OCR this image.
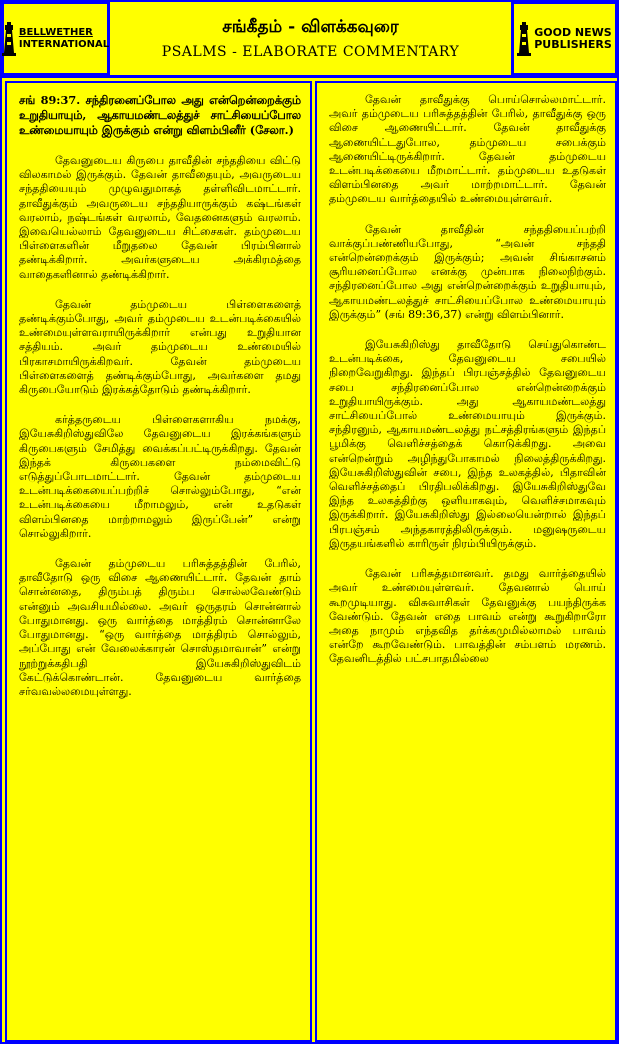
BELLWETHER
INTERNATIONAL
சங்கீதம் - விளக்கவுரை
PSALMS - ELABORATE COMMENTARY
GOOD NEWS
PUBLISHERS

சங் 89:37. சந்திரனைப்போல அது என்றென்றைக்கும் உறுதியாயும், ஆகாயமண்டலத்துச் சாட்சியைப்போல உண்மையாயும் இருக்கும் என்று விளம்பினீர் (சேலா.)

தேவனுடைய கிருபை தாவீதின் சந்ததியை விட்டு விலகாமல் இருக்கும். தேவன் தாவீதையும், அவருடைய சந்ததியையும் முழுவதுமாகத் தள்ளிவிடமாட்டார். தாவீதுக்கும் அவருடைய சந்ததியாருக்கும் கஷ்டங்கள் வரலாம், நஷ்டங்கள் வரலாம், வேதனைகளும் வரலாம். இவையெல்லாம் தேவனுடைய சிட்சைகள். தம்முடைய பிள்ளைகளின் மீறுதலை தேவன் பிரம்பினால் தண்டிக்கிறார். அவர்களுடைய அக்கிரமத்தை வாதைகளினால் தண்டிக்கிறார்.

தேவன் தம்முடைய பிள்ளைகளைத் தண்டிக்கும்போது, அவர் தம்முடைய உடன்படிக்கையில் உண்மையுள்ளவராயிருக்கிறார் என்பது உறுதியான சத்தியம். அவர் தம்முடைய உண்மையில் பிரகாசமாயிருக்கிறவர். தேவன் தம்முடைய பிள்ளைகளைத் தண்டிக்கும்போது, அவர்களை தமது கிருபையோடும் இரக்கத்தோடும் தண்டிக்கிறார்.

கர்த்தருடைய பிள்ளைகளாகிய நமக்கு, இயேசுகிறிஸ்துவிலே தேவனுடைய இரக்கங்களும் கிருபைகளும் சேமித்து வைக்கப்பட்டிருக்கிறது. தேவன் இந்தக் கிருபைகளை நம்மைவிட்டு எடுத்துப்போடமாட்டார். தேவன் தம்முடைய உடன்படிக்கையைப்பற்றிச் சொல்லும்போது, “என் உடன்படிக்கையை மீறாமலும், என் உதடுகள் விளம்பினதை மாற்றாமலும் இருப்பேன்” என்று சொல்லுகிறார்.

தேவன் தம்முடைய பரிசுத்தத்தின் பேரில், தாவீதோடு ஒரு விசை ஆணையிட்டார். தேவன் தாம் சொன்னதை, திரும்பத் திரும்ப சொல்லவேண்டும் என்னும் அவசியமில்லை. அவர் ஒருதரம் சொன்னால் போதுமானது. ஒரு வார்த்தை மாத்திரம் சொன்னாலே போதுமானது. “ஒரு வார்த்தை மாத்திரம் சொல்லும், அப்போது என் வேலைக்காரன் சொஸ்தமாவான்” என்று நூற்றுக்கதிபதி இயேசுகிறிஸ்துவிடம் கேட்டுக்கொண்டான். தேவனுடைய வார்த்தை சர்வவல்லமையுள்ளது.

தேவன் தாவீதுக்கு பொய்சொல்லமாட்டார். அவர் தம்முடைய பரிசுத்தத்தின் பேரில், தாவீதுக்கு ஒரு விசை ஆணையிட்டார். தேவன் தாவீதுக்கு ஆணையிட்டதுபோல, தம்முடைய சபைக்கும் ஆணையிட்டிருக்கிறார். தேவன் தம்முடைய உடன்படிக்கையை மீறமாட்டார். தம்முடைய உதடுகள் விளம்பினதை அவர் மாற்றமாட்டார். தேவன் தம்முடைய வார்த்தையில் உண்மையுள்ளவர்.

தேவன் தாவீதின் சந்ததியைப்பற்றி வாக்குப்பண்ணியபோது, “அவன் சந்ததி என்றென்றைக்கும் இருக்கும்; அவன் சிங்காசனம் சூரியனைப்போல எனக்கு முன்பாக நிலைநிற்கும். சந்திரனைப்போல அது என்றென்றைக்கும் உறுதியாயும், ஆகாயமண்டலத்துச் சாட்சியைப்போல உண்மையாயும் இருக்கும்” (சங் 89:36,37) என்று விளம்பினார்.

இயேசுகிறிஸ்து தாவீதோடு செய்துகொண்ட உடன்படிக்கை, தேவனுடைய சபையில் நிறைவேறுகிறது. இந்தப் பிரபஞ்சத்தில் தேவனுடைய சபை சந்திரனைப்போல என்றென்றைக்கும் உறுதியாயிருக்கும். அது ஆகாயமண்டலத்து சாட்சியைப்போல் உண்மையாயும் இருக்கும். சந்திரனும், ஆகாயமண்டலத்து நட்சத்திரங்களும் இந்தப் பூமிக்கு வெளிச்சத்தைக் கொடுக்கிறது. அவை என்றென்றும் அழிந்துபோகாமல் நிலைத்திருக்கிறது. இயேசுகிறிஸ்துவின் சபை, இந்த உலகத்தில், பிதாவின் வெளிச்சத்தைப் பிரதிபலிக்கிறது. இயேசுகிறிஸ்துவே இந்த உலகத்திற்கு ஒளியாகவும், வெளிச்சமாகவும் இருக்கிறார். இயேசுகிறிஸ்து இல்லையென்றால் இந்தப் பிரபஞ்சம் அந்தகாரத்திலிருக்கும். மனுஷருடைய இருதயங்களில் காரிருள் நிரம்பியிருக்கும்.

தேவன் பரிசுத்தமானவர். தமது வார்த்தையில் அவர் உண்மையுள்ளவர். தேவனால் பொய் கூறமுடியாது. விசுவாசிகள் தேவனுக்கு பயந்திருக்க வேண்டும். தேவன் எதை பாவம் என்று கூறுகிறாரோ அதை நாமும் எந்தவித தர்க்கமுமில்லாமல் பாவம் என்றே கூறவேண்டும். பாவத்தின் சம்பளம் மரணம். தேவனிடத்தில் பட்சபாதமில்லை
